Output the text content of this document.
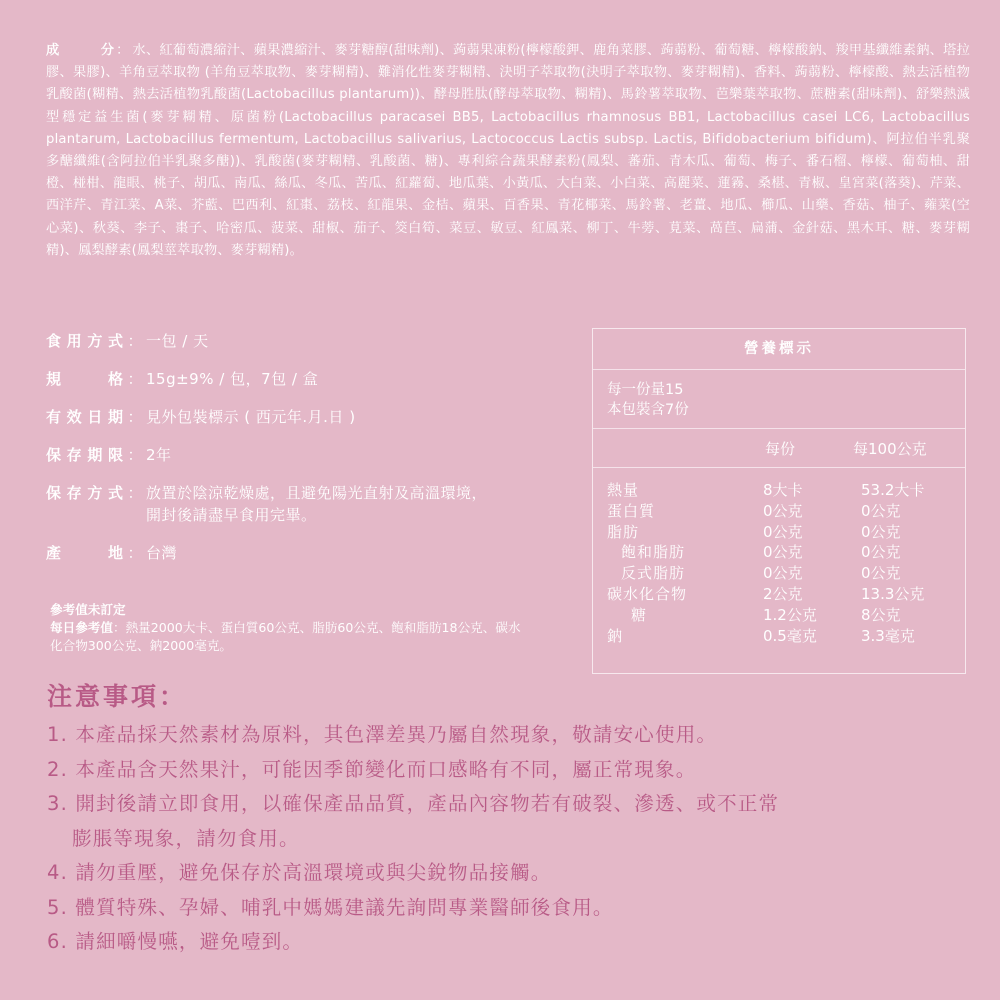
成	分 ： 水、紅葡萄濃縮汁、蘋果濃縮汁、麥芽糖醇(甜味劑)、蒟蒻果凍粉(檸檬酸鉀、鹿角菜膠、蒟蒻粉、葡萄糖、檸檬酸鈉、羧甲基纖維素鈉、塔拉膠、果膠)、羊角豆萃取物 (羊角豆萃取物、麥芽糊精)、難消化性麥芽糊精、決明子萃取物(決明子萃取物、麥芽糊精)、香料、蒟蒻粉、檸檬酸、熱去活植物乳酸菌(糊精、熱去活植物乳酸菌(Lactobacillus plantarum))、酵母胜肽(酵母萃取物、糊精)、馬鈴薯萃取物、芭樂葉萃取物、蔗糖素(甜味劑)、舒樂熱滅型穩定益生菌(麥芽糊精、原菌粉(Lactobacillus paracasei BB5, Lactobacillus rhamnosus BB1, Lactobacillus casei LC6, Lactobacillus plantarum, Lactobacillus fermentum, Lactobacillus salivarius, Lactococcus Lactis subsp. Lactis, Bifidobacterium bifidum)、阿拉伯半乳聚多醣纖維(含阿拉伯半乳聚多醣))、乳酸菌(麥芽糊精、乳酸菌、糖)、專利綜合蔬果酵素粉(鳳梨、蕃茄、青木瓜、葡萄、梅子、番石榴、檸檬、葡萄柚、甜橙、椪柑、龍眼、桃子、胡瓜、南瓜、絲瓜、冬瓜、苦瓜、紅蘿蔔、地瓜葉、小黃瓜、大白菜、小白菜、高麗菜、蓮霧、桑椹、青椒、皇宮菜(落葵)、芹菜、西洋芹、青江菜、A菜、芥藍、巴西利、紅棗、荔枝、紅龍果、金桔、蘋果、百香果、青花椰菜、馬鈴薯、老薑、地瓜、櫛瓜、山藥、香菇、柚子、蕹菜(空心菜)、秋葵、李子、棗子、哈密瓜、菠菜、甜椒、茄子、筊白筍、菜豆、敏豆、紅鳳菜、柳丁、牛蒡、莧菜、萵苣、扁蒲、金針菇、黑木耳、糖、麥芽糊精)、鳳梨酵素(鳳梨莖萃取物、麥芽糊精)。
食 用 方 式 ： 一包 / 天
規	格 ： 15g±9% / 包，7包 / 盒
有 效 日 期 ： 見外包裝標示 ( 西元年.月.日 )
保 存 期 限 ： 2年
保 存 方 式 ： 放置於陰涼乾燥處，且避免陽光直射及高溫環境，
開封後請盡早食用完畢。
產	地 ： 台灣
參考值未訂定
每日參考值：熱量2000大卡、蛋白質60公克、脂肪60公克、飽和脂肪18公克、碳水化合物300公克、鈉2000毫克。
營養標示
每一份量15
本包裝含7份
每份	每100公克
熱量	8大卡	53.2大卡
蛋白質	0公克	0公克
脂肪	0公克	0公克
飽和脂肪	0公克	0公克
反式脂肪	0公克	0公克
碳水化合物	2公克	13.3公克
糖	1.2公克	8公克
鈉	0.5毫克	3.3毫克
注意事項：
1. 本產品採天然素材為原料，其色澤差異乃屬自然現象，敬請安心使用。
2. 本產品含天然果汁，可能因季節變化而口感略有不同，屬正常現象。
3. 開封後請立即食用，以確保產品品質，產品內容物若有破裂、滲透、或不正常
膨脹等現象，請勿食用。
4. 請勿重壓，避免保存於高溫環境或與尖銳物品接觸。
5. 體質特殊、孕婦、哺乳中媽媽建議先詢問專業醫師後食用。
6. 請細嚼慢嚥，避免噎到。
